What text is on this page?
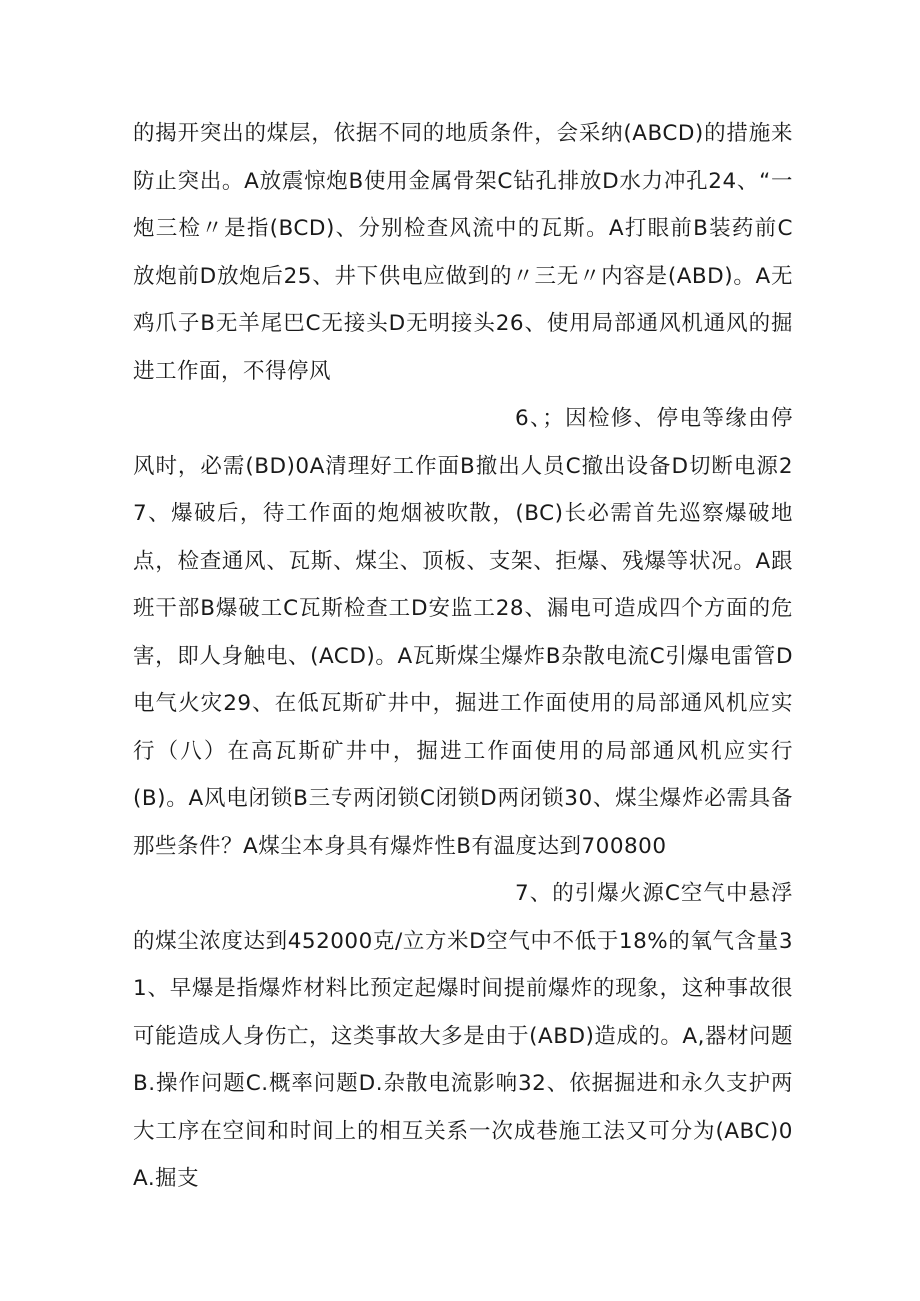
的揭开突出的煤层，依据不同的地质条件，会采纳(ABCD)的措施来防止突出。A放震惊炮B使用金属骨架C钻孔排放D水力冲孔24、“一炮三检〃是指(BCD)、分别检查风流中的瓦斯。A打眼前B装药前C放炮前D放炮后25、井下供电应做到的〃三无〃内容是(ABD)。A无鸡爪子B无羊尾巴C无接头D无明接头26、使用局部通风机通风的掘进工作面，不得停风

6、；因检修、停电等缘由停风时，必需(BD)0A清理好工作面B撤出人员C撤出设备D切断电源27、爆破后，待工作面的炮烟被吹散，(BC)长必需首先巡察爆破地点，检查通风、瓦斯、煤尘、顶板、支架、拒爆、残爆等状况。A跟班干部B爆破工C瓦斯检查工D安监工28、漏电可造成四个方面的危害，即人身触电、(ACD)。A瓦斯煤尘爆炸B杂散电流C引爆电雷管D电气火灾29、在低瓦斯矿井中，掘进工作面使用的局部通风机应实行（八）在高瓦斯矿井中，掘进工作面使用的局部通风机应实行(B)。A风电闭锁B三专两闭锁C闭锁D两闭锁30、煤尘爆炸必需具备那些条件？A煤尘本身具有爆炸性B有温度达到700800

7、的引爆火源C空气中悬浮的煤尘浓度达到452000克/立方米D空气中不低于18%的氧气含量31、早爆是指爆炸材料比预定起爆时间提前爆炸的现象，这种事故很可能造成人身伤亡，这类事故大多是由于(ABD)造成的。A,器材问题B.操作问题C.概率问题D.杂散电流影响32、依据掘进和永久支护两大工序在空间和时间上的相互关系一次成巷施工法又可分为(ABC)0A.掘支
